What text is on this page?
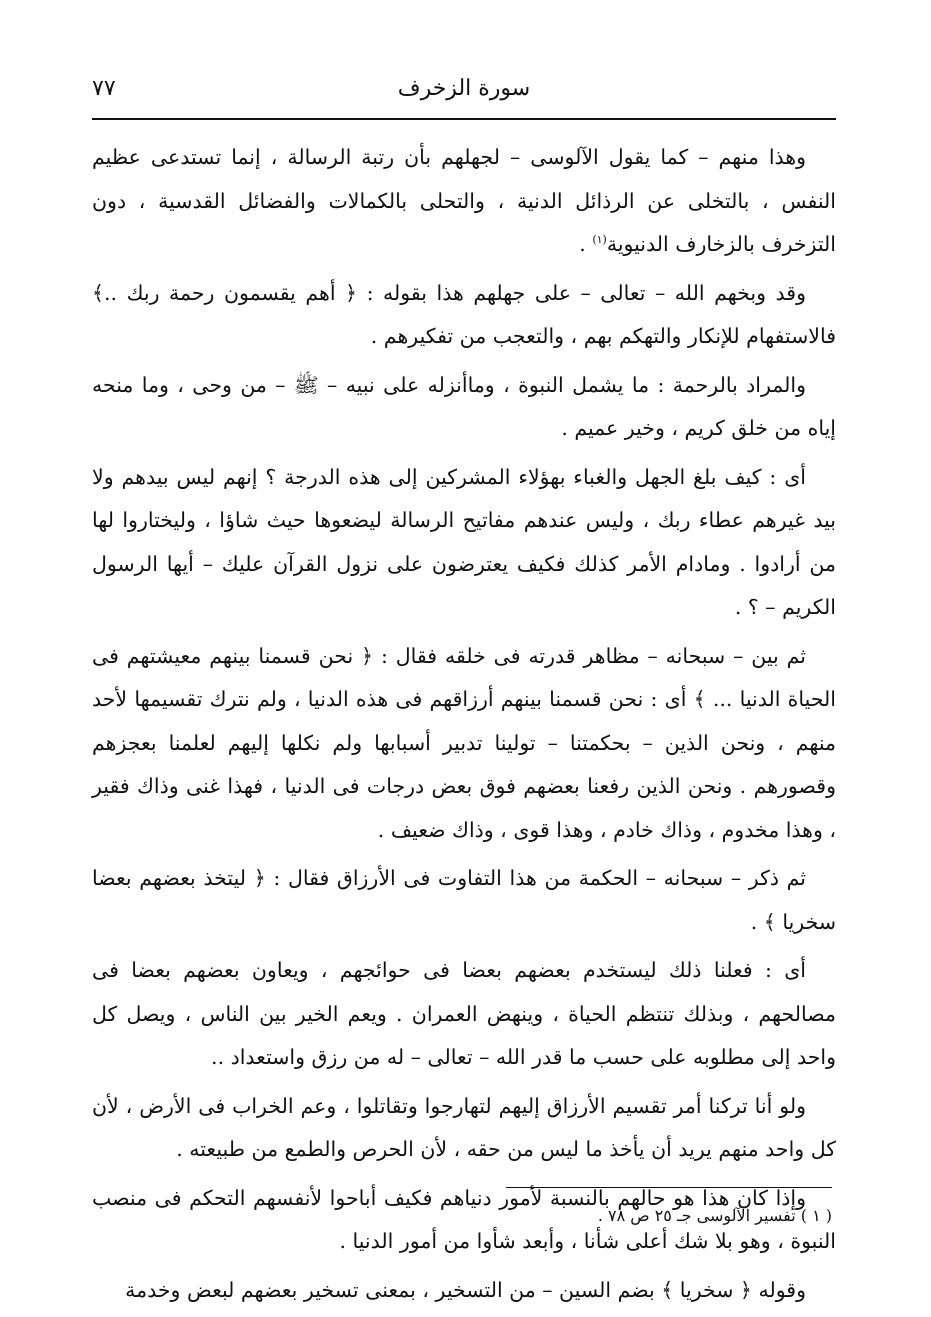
٧٧	سورة الزخرف

وهذا منهم – كما يقول الآلوسى – لجهلهم بأن رتبة الرسالة ، إنما تستدعى عظيم النفس ، بالتخلى عن الرذائل الدنية ، والتحلى بالكمالات والفضائل القدسية ، دون التزخرف بالزخارف الدنيوية$^{(١)}$ .

وقد وبخهم الله – تعالى – على جهلهم هذا بقوله : ﴿ أهم يقسمون رحمة ربك ..﴾ فالاستفهام للإنكار والتهكم بهم ، والتعجب من تفكيرهم .

والمراد بالرحمة : ما يشمل النبوة ، وماأنزله على نبيه – ﷺ – من وحى ، وما منحه إياه من خلق كريم ، وخير عميم .

أى : كيف بلغ الجهل والغباء بهؤلاء المشركين إلى هذه الدرجة ؟ إنهم ليس بيدهم ولا بيد غيرهم عطاء ربك ، وليس عندهم مفاتيح الرسالة ليضعوها حيث شاؤا ، وليختاروا لها من أرادوا . ومادام الأمر كذلك فكيف يعترضون على نزول القرآن عليك – أيها الرسول الكريم – ؟ .

ثم بين – سبحانه – مظاهر قدرته فى خلقه فقال : ﴿ نحن قسمنا بينهم معيشتهم فى الحياة الدنيا ... ﴾ أى : نحن قسمنا بينهم أرزاقهم فى هذه الدنيا ، ولم نترك تقسيمها لأحد منهم ، ونحن الذين – بحكمتنا – تولينا تدبير أسبابها ولم نكلها إليهم لعلمنا بعجزهم وقصورهم . ونحن الذين رفعنا بعضهم فوق بعض درجات فى الدنيا ، فهذا غنى وذاك فقير ، وهذا مخدوم ، وذاك خادم ، وهذا قوى ، وذاك ضعيف .

ثم ذكر – سبحانه – الحكمة من هذا التفاوت فى الأرزاق فقال : ﴿ ليتخذ بعضهم بعضا سخريا ﴾ .

أى : فعلنا ذلك ليستخدم بعضهم بعضا فى حوائجهم ، ويعاون بعضهم بعضا فى مصالحهم ، وبذلك تنتظم الحياة ، وينهض العمران . ويعم الخير بين الناس ، ويصل كل واحد إلى مطلوبه على حسب ما قدر الله – تعالى – له من رزق واستعداد ..

ولو أنا تركنا أمر تقسيم الأرزاق إليهم لتهارجوا وتقاتلوا ، وعم الخراب فى الأرض ، لأن كل واحد منهم يريد أن يأخذ ما ليس من حقه ، لأن الحرص والطمع من طبيعته .

وإذا كان هذا هو حالهم بالنسبة لأمور دنياهم فكيف أباحوا لأنفسهم التحكم فى منصب النبوة ، وهو بلا شك أعلى شأنا ، وأبعد شأوا من أمور الدنيا .

وقوله ﴿ سخريا ﴾ بضم السين – من التسخير ، بمعنى تسخير بعضهم لبعض وخدمة

( ١ ) تفسير الآلوسى جـ ٢٥ ص ٧٨ .
